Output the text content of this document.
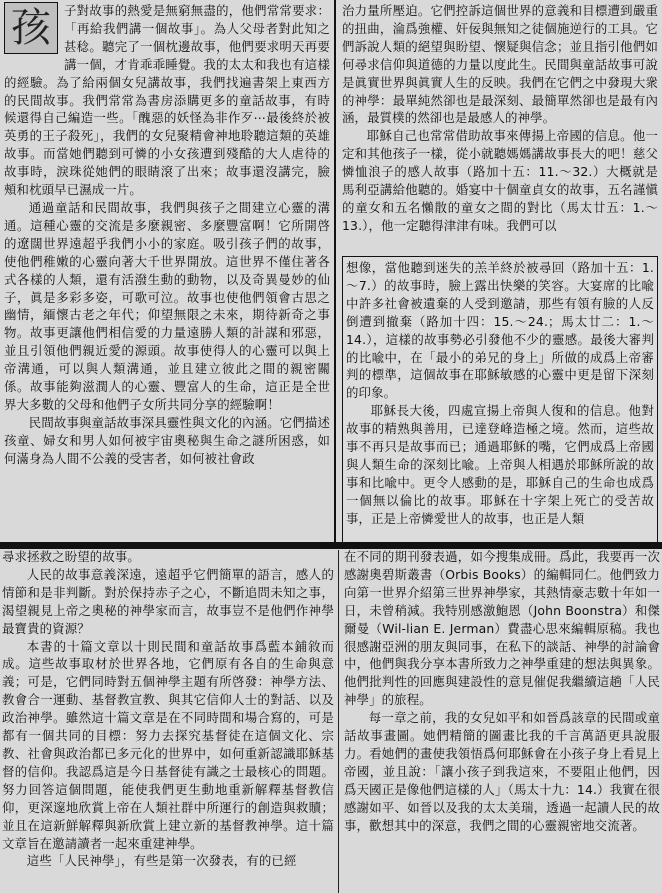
孩	子對故事的熱愛是無窮無盡的，他們常常要求：「再給我們講一個故事」。為人父母者對此知之甚稔。聽完了一個枕邊故事，他們要求明天再要講一個，才肯乖乖睡覺。我的太太和我也有這樣的經驗。為了給兩個女兒講故事，我們找遍書架上東西方的民間故事。我們常常為書房添購更多的童話故事，有時候還得自己編造一些。「醜惡的妖怪為非作歹⋯最後終於被英勇的王子殺死」，我們的女兒聚精會神地聆聽這類的英雄故事。而當她們聽到可憐的小女孩遭到殘酷的大人虐待的故事時，淚珠從她們的眼睛滾了出來；故事還沒講完，臉頰和枕頭早已濕成一片。

通過童話和民間故事，我們與孩子之間建立心靈的溝通。這種心靈的交流是多麼親密、多麼豐富啊！它所開啓的遼闊世界遠超乎我們小小的家庭。吸引孩子們的故事，使他們稚嫩的心靈向著大千世界開放。這世界不僅住著各式各樣的人類，還有活潑生動的動物，以及奇異曼妙的仙子，眞是多彩多姿，可歌可泣。故事也使他們領會古思之幽情，緬懷古老之年代；仰望無限之未來，期待新奇之事物。故事更讓他們相信愛的力量遠勝人類的計謀和邪惡，並且引領他們親近愛的源頭。故事使得人的心靈可以與上帝溝通，可以與人類溝通，並且建立彼此之間的親密關係。故事能夠滋潤人的心靈、豐富人的生命，這正是全世界大多數的父母和他們子女所共同分享的經驗啊！

民間故事與童話故事深具靈性與文化的內涵。它們描述孩童、婦女和男人如何被宇宙奧秘與生命之謎所困惑，如何滿身為人間不公義的受害者，如何被社會政

治力量所壓迫。它們控訴這個世界的意義和目標遭到嚴重的扭曲，淪爲強權、奸佞與無知之徒個施逆行的工具。它們訴說人類的絕望與盼望、懷疑與信念；並且指引他們如何尋求信仰與道德的力量以度此生。民間與童話故事可說是眞實世界與眞實人生的反映。我們在它們之中發現大衆的神學：最單純然卻也是最深刻、最簡單然卻也是最有內涵，最質樸的然卻也是最感人的神學。

耶穌自己也常常借助故事來傳揚上帝國的信息。他一定和其他孩子一樣，從小就聽媽媽講故事長大的吧！慈父憐恤浪子的感人故事（路加十五：11.～32.）大概就是馬利亞講給他聽的。婚宴中十個童貞女的故事，五名謹愼的童女和五名懶散的童女之間的對比（馬太廿五：1.～13.），他一定聽得津津有味。我們可以

想像，當他聽到迷失的羔羊終於被尋回（路加十五：1.～7.）的故事時，臉上露出快樂的笑容。大宴席的比喩中許多社會被遺棄的人受到邀請，那些有領有臉的人反倒遭到撤棄（路加十四：15.～24.；馬太廿二：1.～14.），這樣的故事勢必引發他不少的靈感。最後大審判的比喩中，在「最小的弟兄的身上」所做的成爲上帝審判的標準，這個故事在耶穌敏感的心靈中更是留下深刻的印象。

耶穌長大後，四處宣揚上帝與人復和的信息。他對故事的精熟與善用，已達登峰造極之境。然而，這些故事不再只是故事而已；通過耶穌的嘴，它們成爲上帝國與人類生命的深刻比喩。上帝與人相遇於耶穌所說的故事和比喩中。更令人感動的是，耶穌自己的生命也成爲一個無以倫比的故事。耶穌在十字架上死亡的受苦故事，正是上帝憐愛世人的故事，也正是人類

尋求拯救之盼望的故事。

人民的故事意義深遠，遠超乎它們簡單的語言，感人的情節和是非判斷。對於保持赤子之心，不斷追問未知之事，渴望親見上帝之奧秘的神學家而言，故事豈不是他們作神學最寶貴的資源？

本書的十篇文章以十則民間和童話故事爲藍本鋪敘而成。這些故事取材於世界各地，它們原有各自的生命與意義；可是，它們同時對五個神學主題有所啓發：神學方法、教會合一運動、基督教宣教、與其它信仰人士的對話、以及政治神學。雖然這十篇文章是在不同時間和場合寫的，可是都有一個共同的目標：努力去探究基督徒在這個文化、宗教、社會與政治都已多元化的世界中，如何重新認識耶穌基督的信仰。我認爲這是今日基督徒有識之士最核心的問題。努力回答這個問題，能使我們更生動地重新解釋基督教信仰，更深邃地欣賞上帝在人類社群中所運行的創造與救贖；並且在這新鮮解釋與新欣賞上建立新的基督教神學。這十篇文章旨在邀請讀者一起來重建神學。

這些「人民神學」，有些是第一次發表，有的已經

在不同的期刊發表過，如今搜集成冊。爲此，我要再一次感謝奧碧斯叢書（Orbis Books）的編輯同仁。他們致力向第一世界介紹第三世界神學家，其熱情豪志數十年如一日，未曾稍減。我特別感激鮑恩（John Boonstra）和傑爾曼（Wil-lian E. Jerman）費盡心思來編輯原稿。我也很感謝亞洲的朋友與同事，在私下的談話、神學的討論會中，他們與我分享本書所致力之神學重建的想法與異象。他們批判性的回應與建設性的意見催促我繼續這趟「人民神學」的旅程。

每一章之前，我的女兒如平和如晉爲該章的民間或童話故事畫圖。她們精簡的圖畫比我的千言萬語更具說服力。看她們的畫使我領悟爲何耶穌會在小孩子身上看見上帝國，並且說：「讓小孩子到我這來，不要阻止他們，因爲天國正是像他們這樣的人」（馬太十九：14.）我實在很感謝如平、如晉以及我的太太美瑞，透過一起讀人民的故事，歡想其中的深意，我們之間的心靈親密地交流著。
